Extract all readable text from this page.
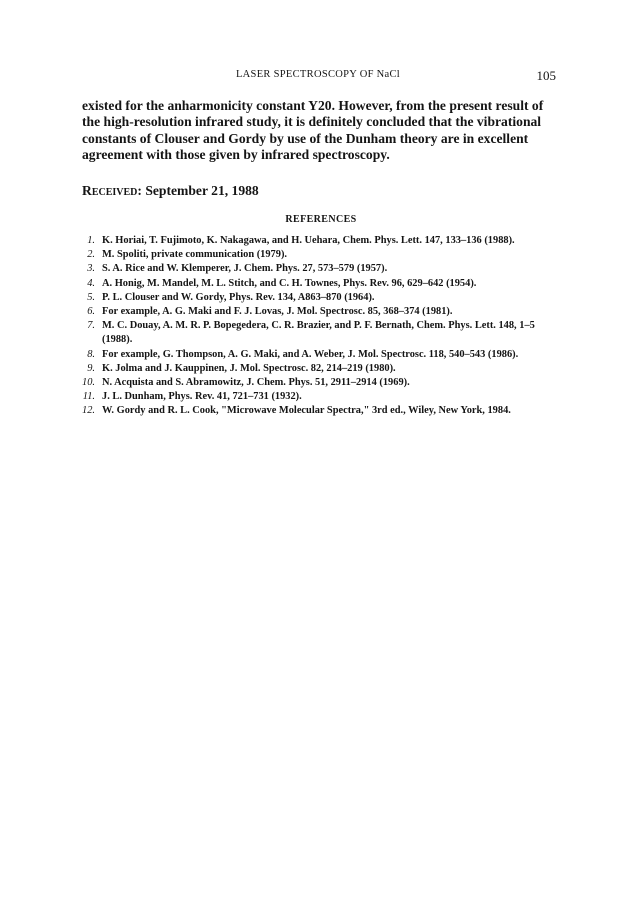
LASER SPECTROSCOPY OF NaCl	105

existed for the anharmonicity constant Y20. However, from the present result of the high-resolution infrared study, it is definitely concluded that the vibrational constants of Clouser and Gordy by use of the Dunham theory are in excellent agreement with those given by infrared spectroscopy.

Received: September 21, 1988
REFERENCES
1. K. Horiai, T. Fujimoto, K. Nakagawa, and H. Uehara, Chem. Phys. Lett. 147, 133–136 (1988).
2. M. Spoliti, private communication (1979).
3. S. A. Rice and W. Klemperer, J. Chem. Phys. 27, 573–579 (1957).
4. A. Honig, M. Mandel, M. L. Stitch, and C. H. Townes, Phys. Rev. 96, 629–642 (1954).
5. P. L. Clouser and W. Gordy, Phys. Rev. 134, A863–870 (1964).
6. For example, A. G. Maki and F. J. Lovas, J. Mol. Spectrosc. 85, 368–374 (1981).
7. M. C. Douay, A. M. R. P. Bopegedera, C. R. Brazier, and P. F. Bernath, Chem. Phys. Lett. 148, 1–5 (1988).
8. For example, G. Thompson, A. G. Maki, and A. Weber, J. Mol. Spectrosc. 118, 540–543 (1986).
9. K. Jolma and J. Kauppinen, J. Mol. Spectrosc. 82, 214–219 (1980).
10. N. Acquista and S. Abramowitz, J. Chem. Phys. 51, 2911–2914 (1969).
11. J. L. Dunham, Phys. Rev. 41, 721–731 (1932).
12. W. Gordy and R. L. Cook, "Microwave Molecular Spectra," 3rd ed., Wiley, New York, 1984.
